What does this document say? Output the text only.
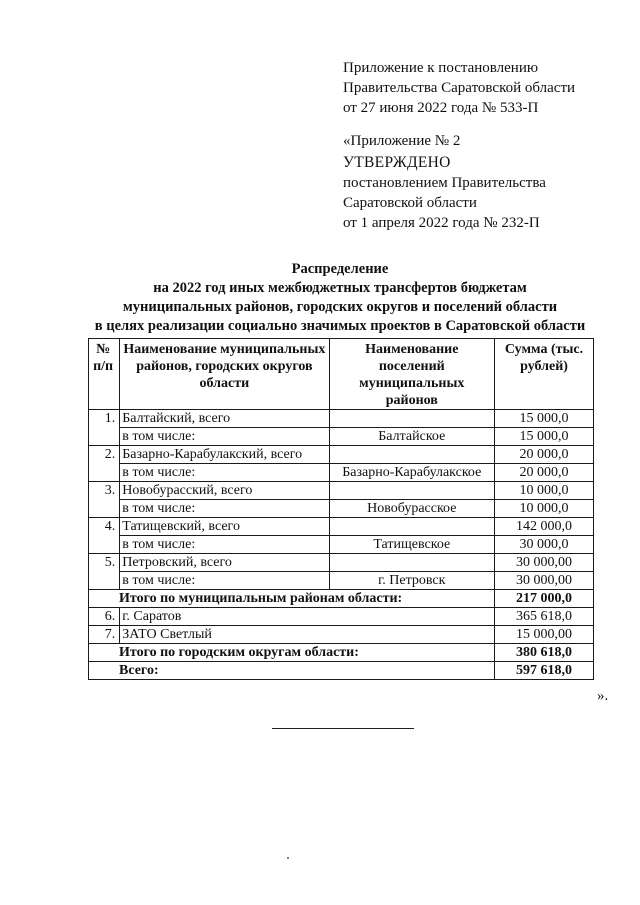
Приложение к постановлению
Правительства Саратовской области
от 27 июня 2022 года № 533-П
«Приложение № 2
УТВЕРЖДЕНО
постановлением Правительства
Саратовской области
от 1 апреля 2022 года № 232-П
Распределение
на 2022 год иных межбюджетных трансфертов бюджетам
муниципальных районов, городских округов и поселений области
в целях реализации социально значимых проектов в Саратовской области
№ п/п	Наименование муниципальных районов, городских округов области	Наименование поселений муниципальных районов	Сумма (тыс. рублей)
1.	Балтайский, всего		15 000,0
	в том числе:	Балтайское	15 000,0
2.	Базарно-Карабулакский, всего		20 000,0
	в том числе:	Базарно-Карабулакское	20 000,0
3.	Новобурасский, всего		10 000,0
	в том числе:	Новобурасское	10 000,0
4.	Татищевский, всего		142 000,0
	в том числе:	Татищевское	30 000,0
5.	Петровский, всего		30 000,00
	в том числе:	г. Петровск	30 000,00
Итого по муниципальным районам области:			217 000,0
6.	г. Саратов		365 618,0
7.	ЗАТО Светлый		15 000,00
Итого по городским округам области:			380 618,0
Всего:			597 618,0
».
